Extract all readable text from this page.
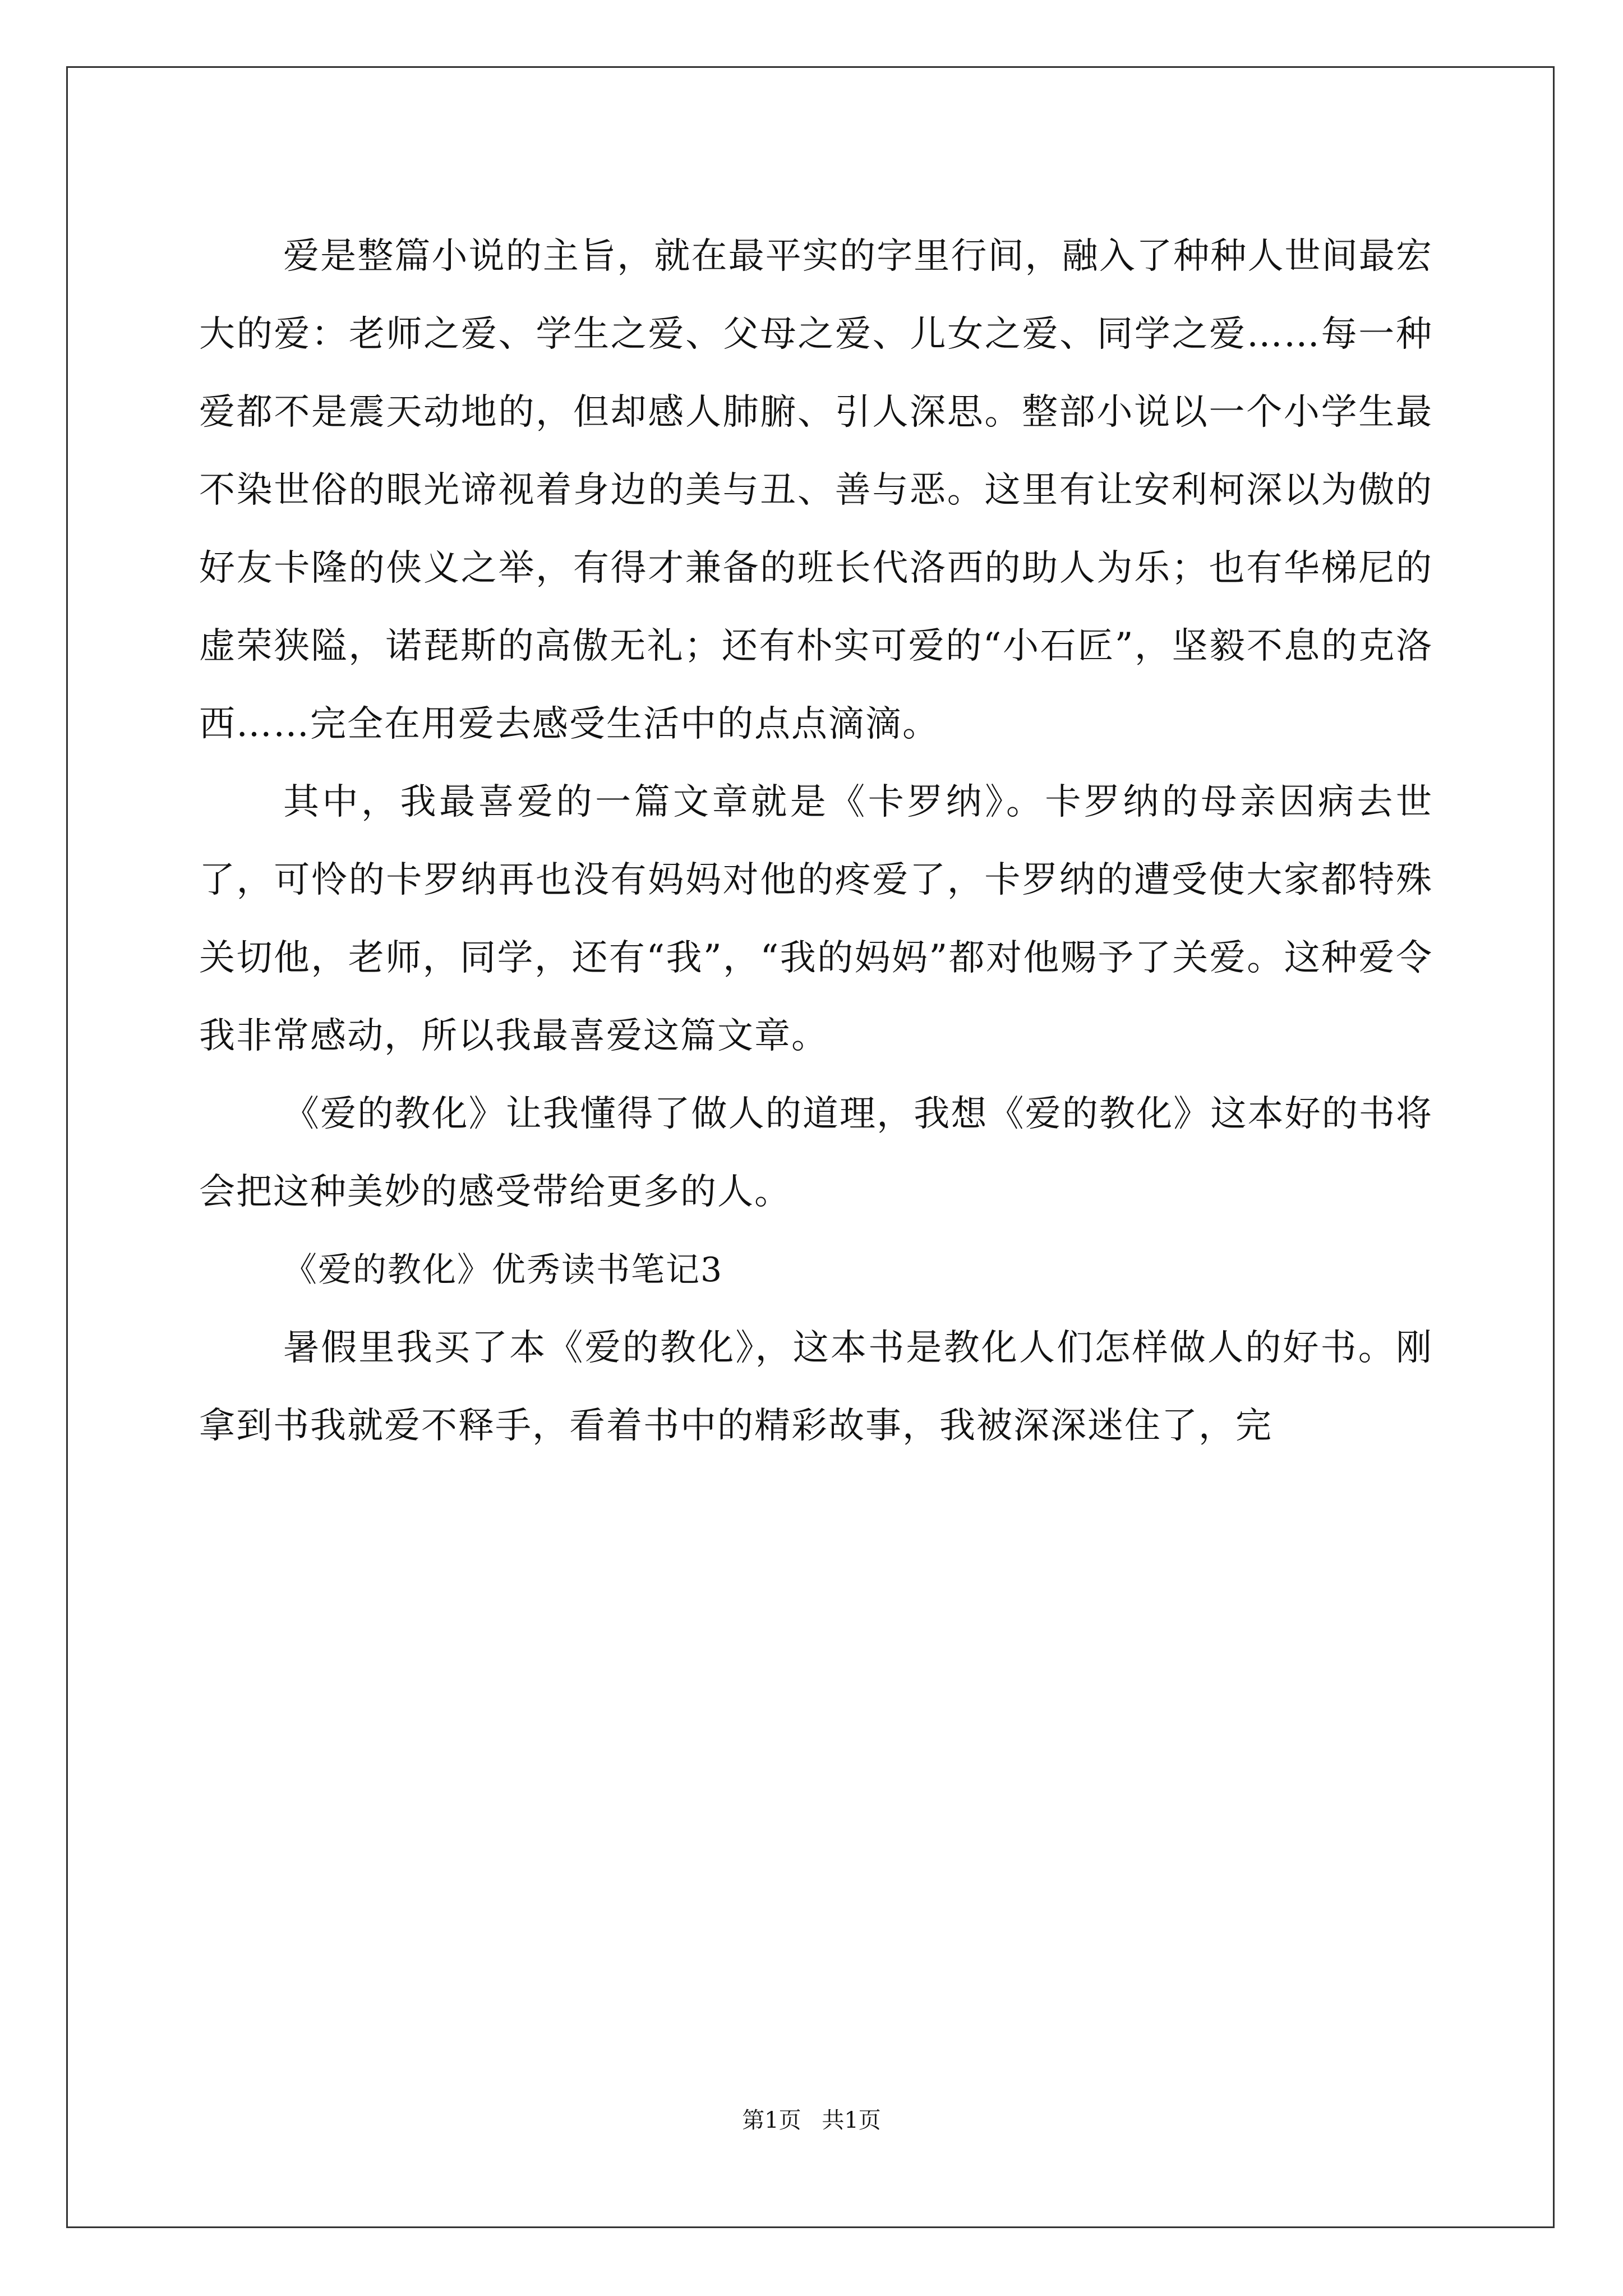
爱是整篇小说的主旨，就在最平实的字里行间，融入了种种人世间最宏大的爱：老师之爱、学生之爱、父母之爱、儿女之爱、同学之爱……每一种爱都不是震天动地的，但却感人肺腑、引人深思。整部小说以一个小学生最不染世俗的眼光谛视着身边的美与丑、善与恶。这里有让安利柯深以为傲的好友卡隆的侠义之举，有得才兼备的班长代洛西的助人为乐；也有华梯尼的虚荣狭隘，诺琵斯的高傲无礼；还有朴实可爱的“小石匠”，坚毅不息的克洛西……完全在用爱去感受生活中的点点滴滴。

其中，我最喜爱的一篇文章就是《卡罗纳》。卡罗纳的母亲因病去世了，可怜的卡罗纳再也没有妈妈对他的疼爱了，卡罗纳的遭受使大家都特殊关切他，老师，同学，还有“我”，“我的妈妈”都对他赐予了关爱。这种爱令我非常感动，所以我最喜爱这篇文章。

《爱的教化》让我懂得了做人的道理，我想《爱的教化》这本好的书将会把这种美妙的感受带给更多的人。

《爱的教化》优秀读书笔记3

暑假里我买了本《爱的教化》，这本书是教化人们怎样做人的好书。刚拿到书我就爱不释手，看着书中的精彩故事，我被深深迷住了，完

第1页 共1页
